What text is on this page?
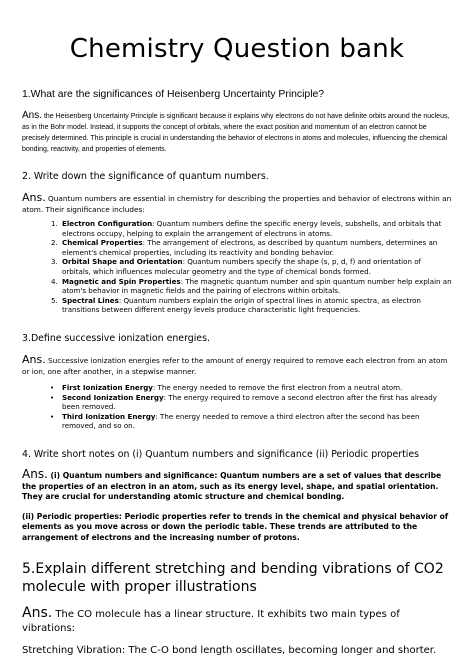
Chemistry Question bank

1.What are the significances of Heisenberg Uncertainty Principle?

Ans. the Heisenberg Uncertainty Principle is significant because it explains why electrons do not have definite orbits around the nucleus, as in the Bohr model. Instead, it supports the concept of orbitals, where the exact position and momentum of an electron cannot be precisely determined. This principle is crucial in understanding the behavior of electrons in atoms and molecules, influencing the chemical bonding, reactivity, and properties of elements.

2. Write down the significance of quantum numbers.

Ans. Quantum numbers are essential in chemistry for describing the properties and behavior of electrons within an atom. Their significance includes:

1. Electron Configuration: Quantum numbers define the specific energy levels, subshells, and orbitals that electrons occupy, helping to explain the arrangement of electrons in atoms.
2. Chemical Properties: The arrangement of electrons, as described by quantum numbers, determines an element's chemical properties, including its reactivity and bonding behavior.
3. Orbital Shape and Orientation: Quantum numbers specify the shape (s, p, d, f) and orientation of orbitals, which influences molecular geometry and the type of chemical bonds formed.
4. Magnetic and Spin Properties: The magnetic quantum number and spin quantum number help explain an atom's behavior in magnetic fields and the pairing of electrons within orbitals.
5. Spectral Lines: Quantum numbers explain the origin of spectral lines in atomic spectra, as electron transitions between different energy levels produce characteristic light frequencies.

3.Define successive ionization energies.

Ans. Successive ionization energies refer to the amount of energy required to remove each electron from an atom or ion, one after another, in a stepwise manner.

• First Ionization Energy: The energy needed to remove the first electron from a neutral atom.
• Second Ionization Energy: The energy required to remove a second electron after the first has already been removed.
• Third Ionization Energy: The energy needed to remove a third electron after the second has been removed, and so on.

4. Write short notes on (i) Quantum numbers and significance (ii) Periodic properties

Ans. (i) Quantum numbers and significance: Quantum numbers are a set of values that describe the properties of an electron in an atom, such as its energy level, shape, and spatial orientation. They are crucial for understanding atomic structure and chemical bonding.

(ii) Periodic properties: Periodic properties refer to trends in the chemical and physical behavior of elements as you move across or down the periodic table. These trends are attributed to the arrangement of electrons and the increasing number of protons.

5.Explain different stretching and bending vibrations of CO2 molecule with proper illustrations

Ans. The CO molecule has a linear structure. It exhibits two main types of vibrations:

Stretching Vibration: The C-O bond length oscillates, becoming longer and shorter.
